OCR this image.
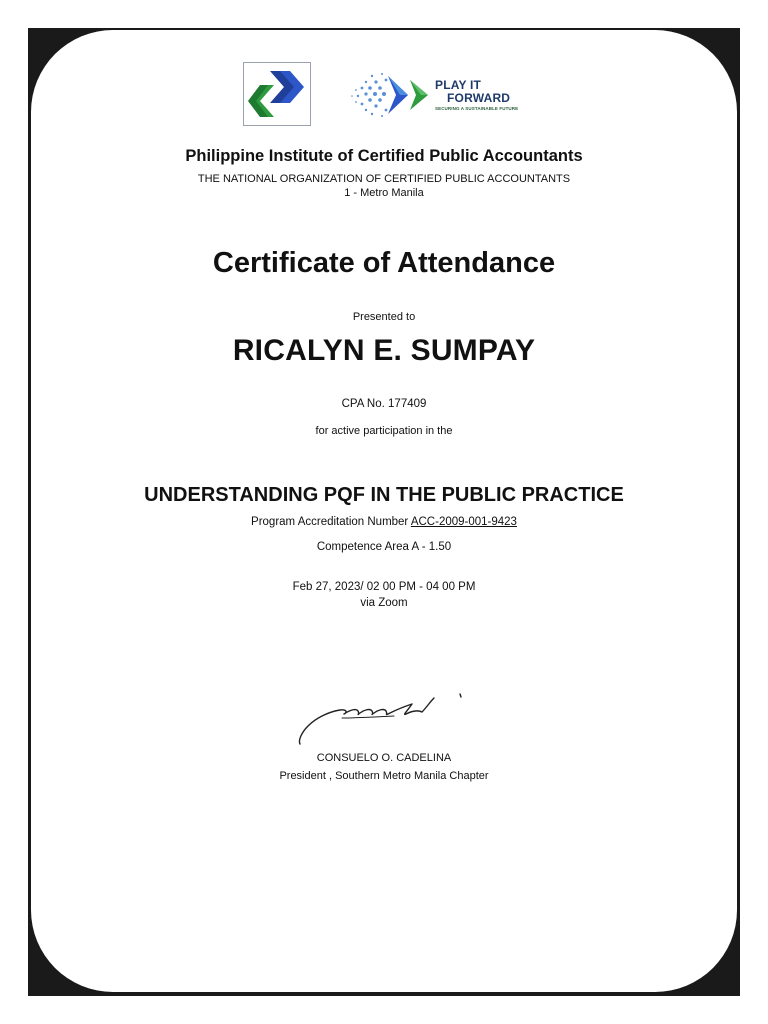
PLAY IT
FORWARD
SECURING A SUSTAINABLE FUTURE
Philippine Institute of Certified Public Accountants
THE NATIONAL ORGANIZATION OF CERTIFIED PUBLIC ACCOUNTANTS
1 - Metro Manila
Certificate of Attendance
Presented to
RICALYN E. SUMPAY
CPA No. 177409
for active participation in the
UNDERSTANDING PQF IN THE PUBLIC PRACTICE
Program Accreditation Number ACC-2009-001-9423
Competence Area A - 1.50
Feb 27, 2023/ 02 00 PM - 04 00 PM
via Zoom
CONSUELO O. CADELINA
President , Southern Metro Manila Chapter
